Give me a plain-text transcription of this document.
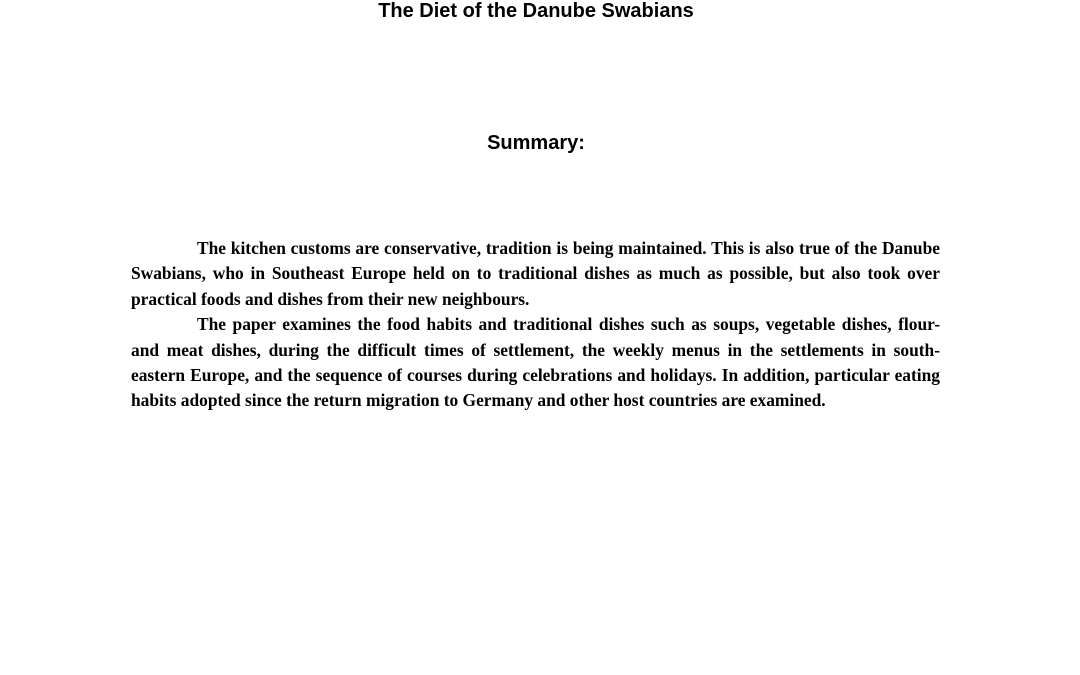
The Diet of the Danube Swabians
Summary:

The kitchen customs are conservative, tradition is being maintained. This is also true of the Danube Swabians, who in Southeast Europe held on to traditional dishes as much as possible, but also took over practical foods and dishes from their new neighbours.

The paper examines the food habits and traditional dishes such as soups, vegetable dishes, flour- and meat dishes, during the difficult times of settlement, the weekly menus in the settlements in south-eastern Europe, and the sequence of courses during celebrations and holidays. In addition, particular eating habits adopted since the return migration to Germany and other host countries are examined.
